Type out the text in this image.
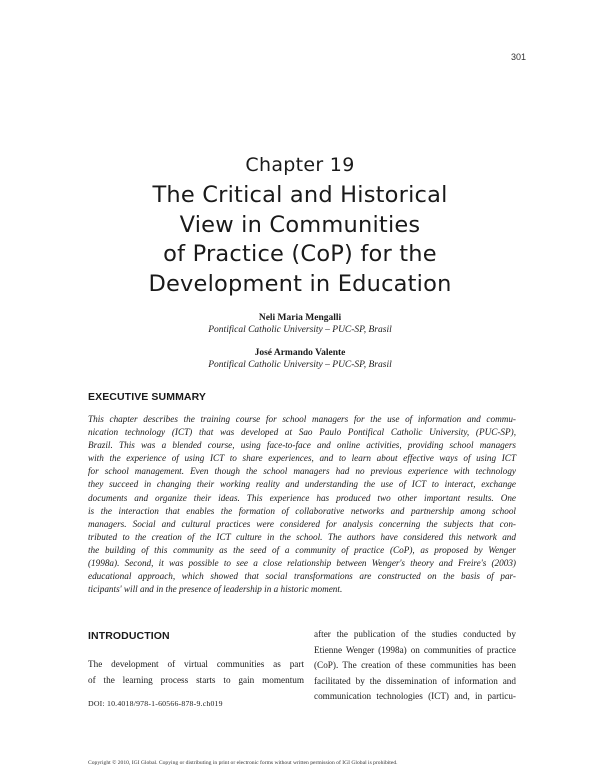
301
Chapter 19
The Critical and Historical
View in Communities
of Practice (CoP) for the
Development in Education
Neli Maria Mengalli
Pontifical Catholic University – PUC-SP, Brasil
José Armando Valente
Pontifical Catholic University – PUC-SP, Brasil
EXECUTIVE SUMMARY
This chapter describes the training course for school managers for the use of information and commu-
nication technology (ICT) that was developed at Sao Paulo Pontifical Catholic University, (PUC-SP),
Brazil. This was a blended course, using face-to-face and online activities, providing school managers
with the experience of using ICT to share experiences, and to learn about effective ways of using ICT
for school management. Even though the school managers had no previous experience with technology
they succeed in changing their working reality and understanding the use of ICT to interact, exchange
documents and organize their ideas. This experience has produced two other important results. One
is the interaction that enables the formation of collaborative networks and partnership among school
managers. Social and cultural practices were considered for analysis concerning the subjects that con-
tributed to the creation of the ICT culture in the school. The authors have considered this network and
the building of this community as the seed of a community of practice (CoP), as proposed by Wenger
(1998a). Second, it was possible to see a close relationship between Wenger's theory and Freire's (2003)
educational approach, which showed that social transformations are constructed on the basis of par-
ticipants' will and in the presence of leadership in a historic moment.
INTRODUCTION
The development of virtual communities as part
of the learning process starts to gain momentum
after the publication of the studies conducted by
Etienne Wenger (1998a) on communities of practice
(CoP). The creation of these communities has been
facilitated by the dissemination of information and
communication technologies (ICT) and, in particu-
DOI: 10.4018/978-1-60566-878-9.ch019
Copyright © 2010, IGI Global. Copying or distributing in print or electronic forms without written permission of IGI Global is prohibited.
